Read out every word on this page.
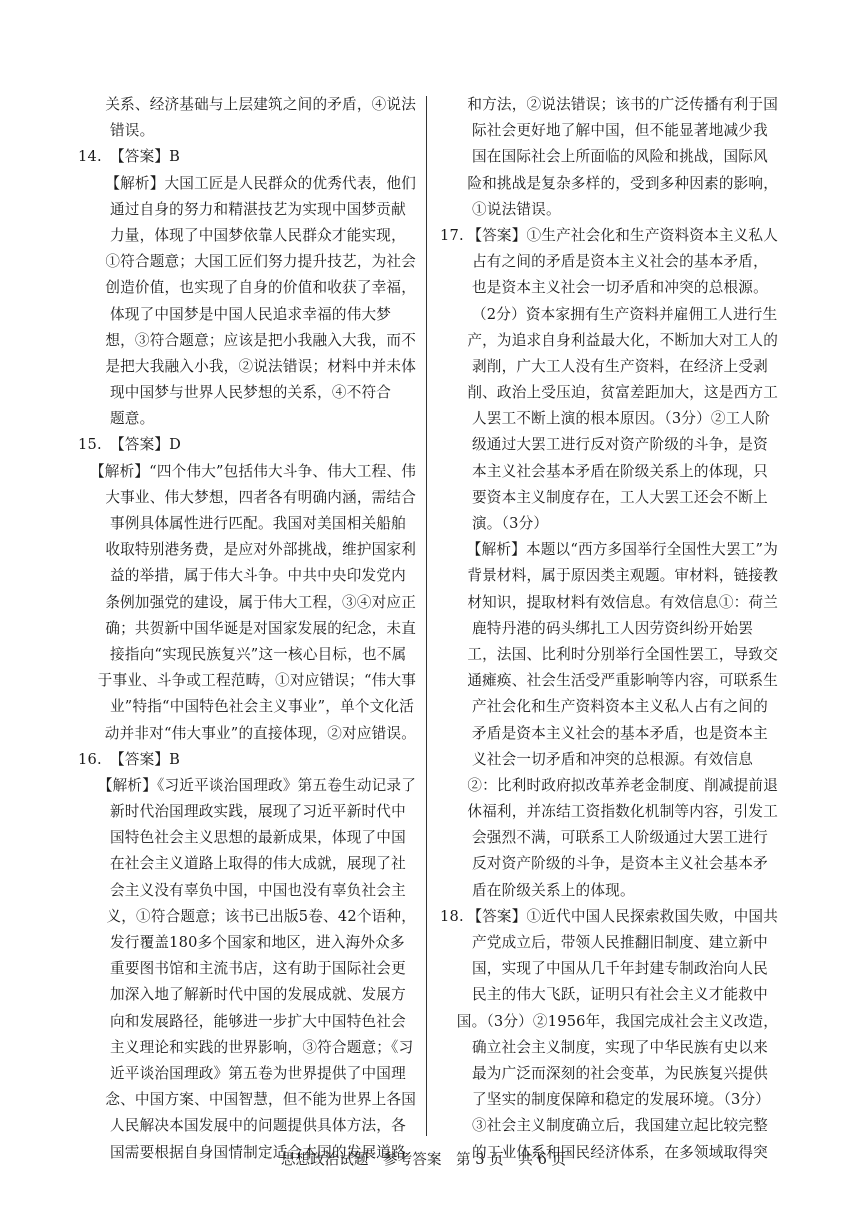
关系、经济基础与上层建筑之间的矛盾，④说法
错误。
14. 【答案】B
【解析】大国工匠是人民群众的优秀代表，他们
通过自身的努力和精湛技艺为实现中国梦贡献
力量，体现了中国梦依靠人民群众才能实现，
①符合题意；大国工匠们努力提升技艺，为社会
创造价值，也实现了自身的价值和收获了幸福，
体现了中国梦是中国人民追求幸福的伟大梦
想，③符合题意；应该是把小我融入大我，而不
是把大我融入小我，②说法错误；材料中并未体
现中国梦与世界人民梦想的关系，④不符合
题意。
15. 【答案】D
【解析】“四个伟大”包括伟大斗争、伟大工程、伟
大事业、伟大梦想，四者各有明确内涵，需结合
事例具体属性进行匹配。我国对美国相关船舶
收取特别港务费，是应对外部挑战，维护国家利
益的举措，属于伟大斗争。中共中央印发党内
条例加强党的建设，属于伟大工程，③④对应正
确；共贺新中国华诞是对国家发展的纪念，未直
接指向“实现民族复兴”这一核心目标，也不属
于事业、斗争或工程范畴，①对应错误；“伟大事
业”特指“中国特色社会主义事业”，单个文化活
动并非对“伟大事业”的直接体现，②对应错误。
16. 【答案】B
【解析】《习近平谈治国理政》第五卷生动记录了
新时代治国理政实践，展现了习近平新时代中
国特色社会主义思想的最新成果，体现了中国
在社会主义道路上取得的伟大成就，展现了社
会主义没有辜负中国，中国也没有辜负社会主
义，①符合题意；该书已出版5卷、42个语种，
发行覆盖180多个国家和地区，进入海外众多
重要图书馆和主流书店，这有助于国际社会更
加深入地了解新时代中国的发展成就、发展方
向和发展路径，能够进一步扩大中国特色社会
主义理论和实践的世界影响，③符合题意；《习
近平谈治国理政》第五卷为世界提供了中国理
念、中国方案、中国智慧，但不能为世界上各国
人民解决本国发展中的问题提供具体方法，各
国需要根据自身国情制定适合本国的发展道路
和方法，②说法错误；该书的广泛传播有利于国
际社会更好地了解中国，但不能显著地减少我
国在国际社会上所面临的风险和挑战，国际风
险和挑战是复杂多样的，受到多种因素的影响，
①说法错误。
17. 【答案】①生产社会化和生产资料资本主义私人
占有之间的矛盾是资本主义社会的基本矛盾，
也是资本主义社会一切矛盾和冲突的总根源。
（2分）资本家拥有生产资料并雇佣工人进行生
产，为追求自身利益最大化，不断加大对工人的
剥削，广大工人没有生产资料，在经济上受剥
削、政治上受压迫，贫富差距加大，这是西方工
人罢工不断上演的根本原因。（3分）②工人阶
级通过大罢工进行反对资产阶级的斗争，是资
本主义社会基本矛盾在阶级关系上的体现，只
要资本主义制度存在，工人大罢工还会不断上
演。（3分）
【解析】本题以“西方多国举行全国性大罢工”为
背景材料，属于原因类主观题。审材料，链接教
材知识，提取材料有效信息。有效信息①：荷兰
鹿特丹港的码头绑扎工人因劳资纠纷开始罢
工，法国、比利时分别举行全国性罢工，导致交
通瘫痪、社会生活受严重影响等内容，可联系生
产社会化和生产资料资本主义私人占有之间的
矛盾是资本主义社会的基本矛盾，也是资本主
义社会一切矛盾和冲突的总根源。有效信息
②：比利时政府拟改革养老金制度、削减提前退
休福利，并冻结工资指数化机制等内容，引发工
会强烈不满，可联系工人阶级通过大罢工进行
反对资产阶级的斗争，是资本主义社会基本矛
盾在阶级关系上的体现。
18. 【答案】①近代中国人民探索救国失败，中国共
产党成立后，带领人民推翻旧制度、建立新中
国，实现了中国从几千年封建专制政治向人民
民主的伟大飞跃，证明只有社会主义才能救中
国。（3分）②1956年，我国完成社会主义改造，
确立社会主义制度，实现了中华民族有史以来
最为广泛而深刻的社会变革，为民族复兴提供
了坚实的制度保障和稳定的发展环境。（3分）
③社会主义制度确立后，我国建立起比较完整
的工业体系和国民经济体系，在多领域取得突
思想政治试题　参考答案　第 3 页　共 6 页
